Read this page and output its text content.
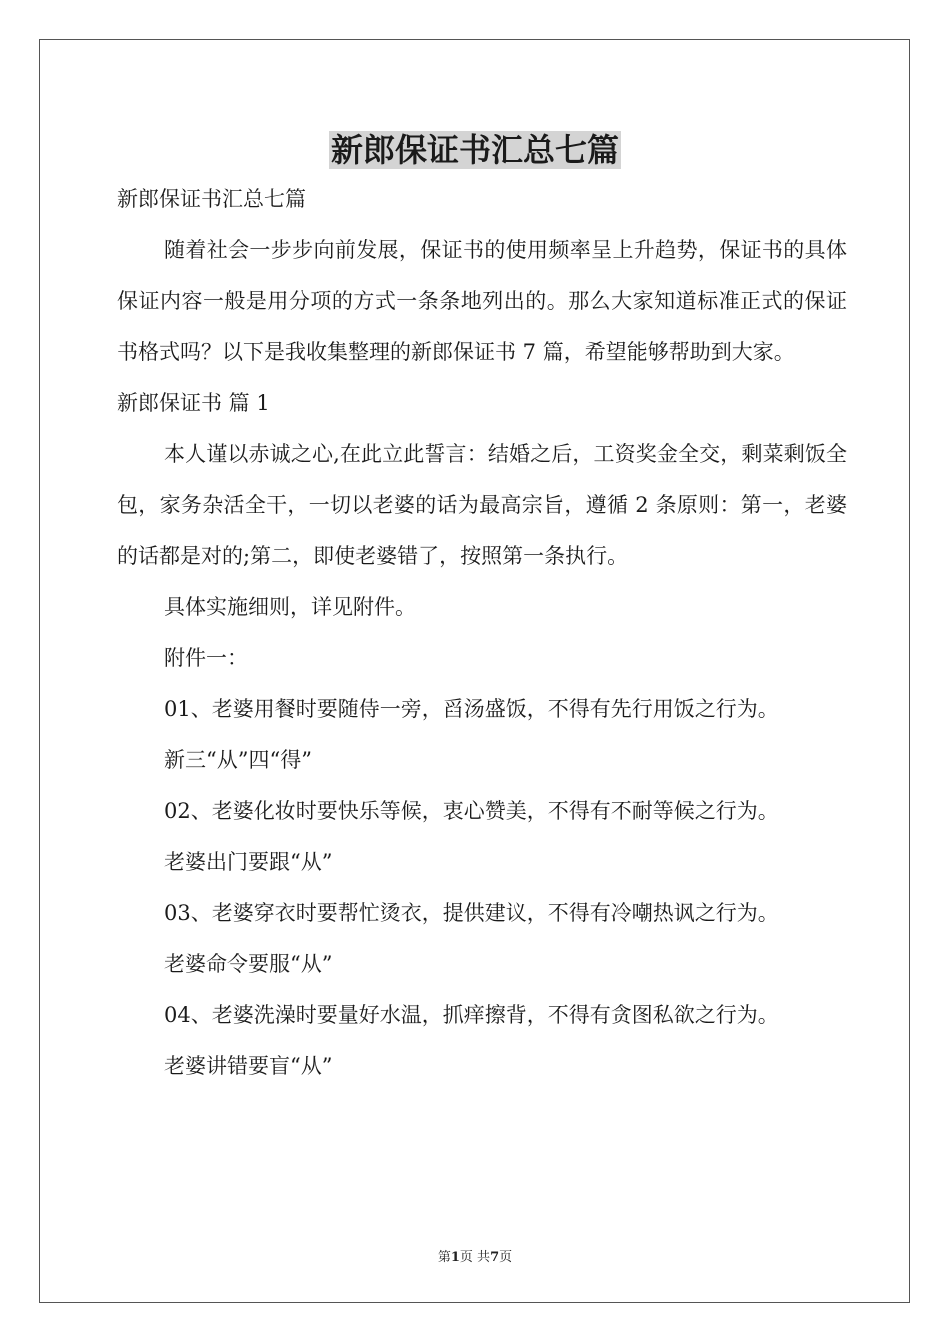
新郎保证书汇总七篇

新郎保证书汇总七篇

随着社会一步步向前发展，保证书的使用频率呈上升趋势，保证书的具体保证内容一般是用分项的方式一条条地列出的。那么大家知道标准正式的保证书格式吗？以下是我收集整理的新郎保证书 7 篇，希望能够帮助到大家。

新郎保证书 篇 1

本人谨以赤诚之心,在此立此誓言：结婚之后，工资奖金全交，剩菜剩饭全包，家务杂活全干，一切以老婆的话为最高宗旨，遵循 2 条原则：第一，老婆的话都是对的;第二，即使老婆错了，按照第一条执行。

具体实施细则，详见附件。

附件一：

01、老婆用餐时要随侍一旁，舀汤盛饭，不得有先行用饭之行为。

新三“从”四“得”

02、老婆化妆时要快乐等候，衷心赞美，不得有不耐等候之行为。

老婆出门要跟“从”

03、老婆穿衣时要帮忙烫衣，提供建议，不得有冷嘲热讽之行为。

老婆命令要服“从”

04、老婆洗澡时要量好水温，抓痒擦背，不得有贪图私欲之行为。

老婆讲错要盲“从”

第1页 共7页
